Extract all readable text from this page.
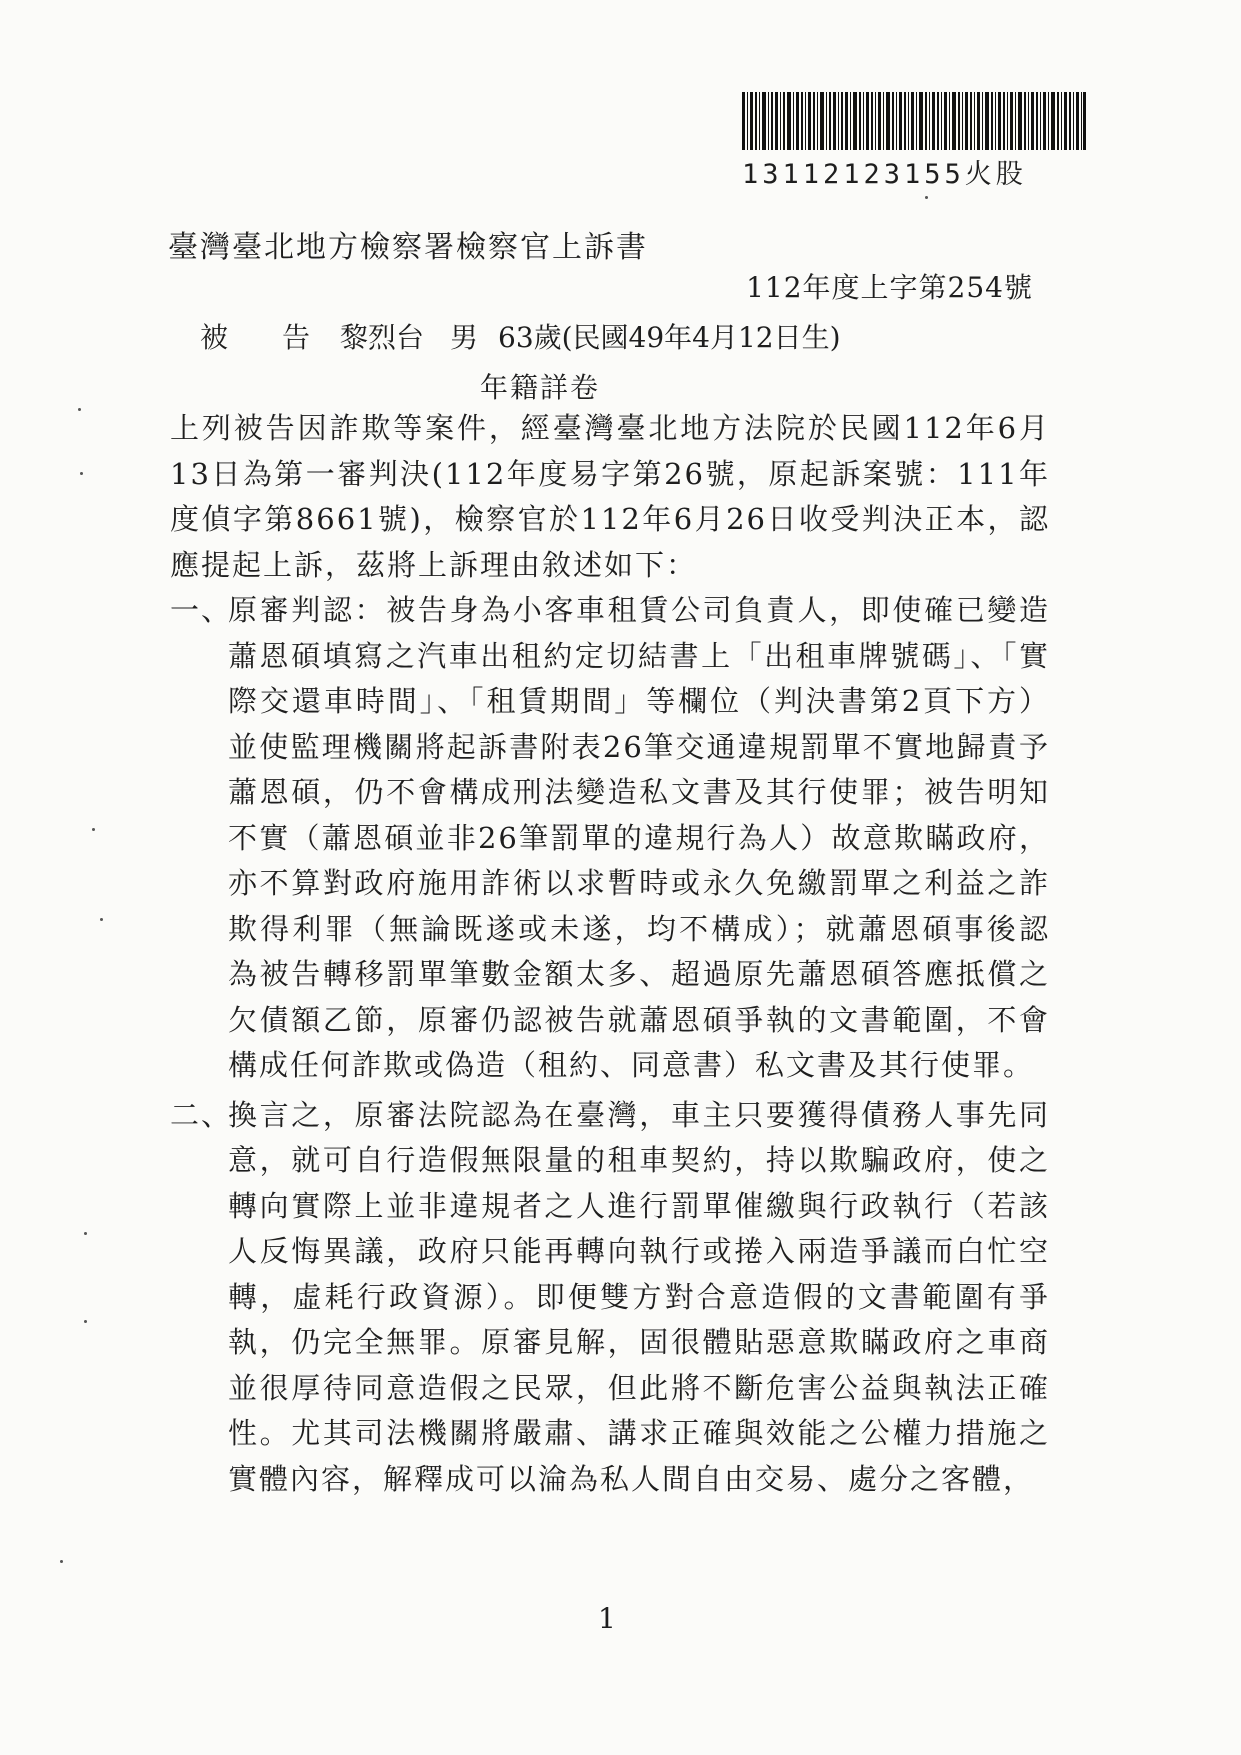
13112123155火股
臺灣臺北地方檢察署檢察官上訴書
112年度上字第254號
被 告 黎烈台 男 63歲(民國49年4月12日生)
年籍詳卷

上列被告因詐欺等案件，經臺灣臺北地方法院於民國112年6月13日為第一審判決(112年度易字第26號，原起訴案號：111年度偵字第8661號)，檢察官於112年6月26日收受判決正本，認應提起上訴，茲將上訴理由敘述如下：

一、
原審判認：被告身為小客車租賃公司負責人，即使確已變造蕭恩碩填寫之汽車出租約定切結書上「出租車牌號碼」、「實際交還車時間」、「租賃期間」等欄位（判決書第2頁下方）並使監理機關將起訴書附表26筆交通違規罰單不實地歸責予蕭恩碩，仍不會構成刑法變造私文書及其行使罪；被告明知不實（蕭恩碩並非26筆罰單的違規行為人）故意欺瞞政府，亦不算對政府施用詐術以求暫時或永久免繳罰單之利益之詐欺得利罪（無論既遂或未遂，均不構成）；就蕭恩碩事後認為被告轉移罰單筆數金額太多、超過原先蕭恩碩答應抵償之欠債額乙節，原審仍認被告就蕭恩碩爭執的文書範圍，不會構成任何詐欺或偽造（租約、同意書）私文書及其行使罪。
二、
換言之，原審法院認為在臺灣，車主只要獲得債務人事先同意，就可自行造假無限量的租車契約，持以欺騙政府，使之轉向實際上並非違規者之人進行罰單催繳與行政執行（若該人反悔異議，政府只能再轉向執行或捲入兩造爭議而白忙空轉，虛耗行政資源）。即便雙方對合意造假的文書範圍有爭執，仍完全無罪。原審見解，固很體貼惡意欺瞞政府之車商並很厚待同意造假之民眾，但此將不斷危害公益與執法正確性。尤其司法機關將嚴肅、講求正確與效能之公權力措施之實體內容，解釋成可以淪為私人間自由交易、處分之客體，
1
